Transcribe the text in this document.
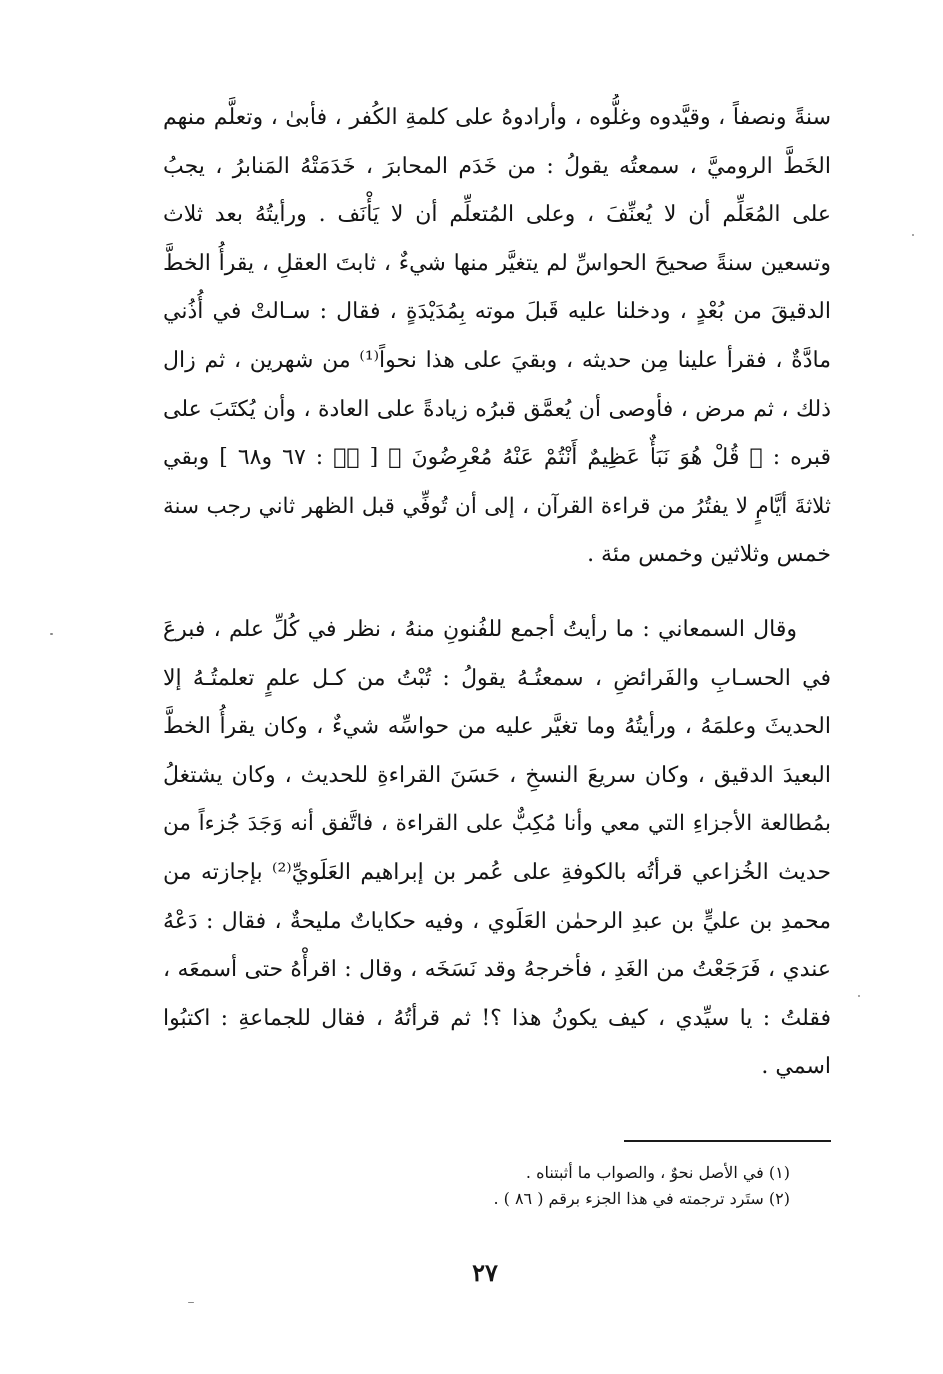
سنةً ونصفاً ، وقيَّدوه وغلُّوه ، وأرادوهُ على كلمةِ الكُفر ، فأبىٰ ، وتعلَّم منهم
الخَطَّ الروميَّ ، سمعتُه يقولُ : من خَدَم المحابرَ ، خَدَمَتْهُ المَنابرُ ، يجبُ
على المُعَلِّم أن لا يُعنِّفَ ، وعلى المُتعلِّم أن لا يَأْنَف . ورأيتُهُ بعد ثلاث
وتسعين سنةً صحيحَ الحواسِّ لم يتغيَّر منها شيءٌ ، ثابتَ العقلِ ، يقرأُ الخطَّ
الدقيقَ من بُعْدٍ ، ودخلنا عليه قَبلَ موته بِمُدَيْدَةٍ ، فقال : سـالتْ في أُذُني
مادَّةٌ ، فقرأ علينا مِن حديثه ، وبقيَ على هذا نحواً⁽¹⁾ من شهرين ، ثم زال
ذلك ، ثم مرض ، فأوصى أن يُعمَّق قبرُه زيادةً على العادة ، وأن يُكتَبَ على
قبره : ﴿ قُلْ هُوَ نَبَأٌ عَظِيمٌ أَنْتُمْ عَنْهُ مُعْرِضُونَ ﴾ [ صۤ : ٦٧ و٦٨ ] وبقي
ثلاثةَ أيَّامٍ لا يفتُرُ من قراءة القرآن ، إلى أن تُوفِّي قبل الظهر ثاني رجب سنة
خمس وثلاثين وخمس مئة .
وقال السمعاني : ما رأيتُ أجمع للفُنونِ منهُ ، نظر في كُلِّ علم ، فبرعَ
في الحسـابِ والفَرائضِ ، سمعتُـهُ يقولُ : تُبْتُ من كـل علمٍ تعلمتُـهُ إلا
الحديثَ وعلمَهُ ، ورأيتُهُ وما تغيَّر عليه من حواسِّه شيءٌ ، وكان يقرأُ الخطَّ
البعيدَ الدقيق ، وكان سريعَ النسخِ ، حَسَنَ القراءةِ للحديث ، وكان يشتغلُ
بمُطالعة الأجزاءِ التي معي وأنا مُكِبٌّ على القراءة ، فاتَّفق أنه وَجَدَ جُزءاً من
حديث الخُزاعي قرأتُه بالكوفةِ على عُمر بن إبراهيم العَلَويِّ⁽²⁾ بإجازته من
محمدِ بن عليٍّ بن عبدِ الرحمٰن العَلَوي ، وفيه حكاياتٌ مليحةٌ ، فقال : دَعْهُ
عندي ، فَرَجَعْتُ من الغَدِ ، فأخرجهُ وقد نَسَخَه ، وقال : اقرأْهُ حتى أسمعَه ،
فقلتُ : يا سيِّدي ، كيف يكونُ هذا ؟! ثم قرأتُهُ ، فقال للجماعةِ : اكتبُوا
اسمي .
(١) في الأصل نحوٌ ، والصواب ما أثبتناه .
(٢) ستَرد ترجمته في هذا الجزء برقم ( ٨٦ ) .
٢٧
